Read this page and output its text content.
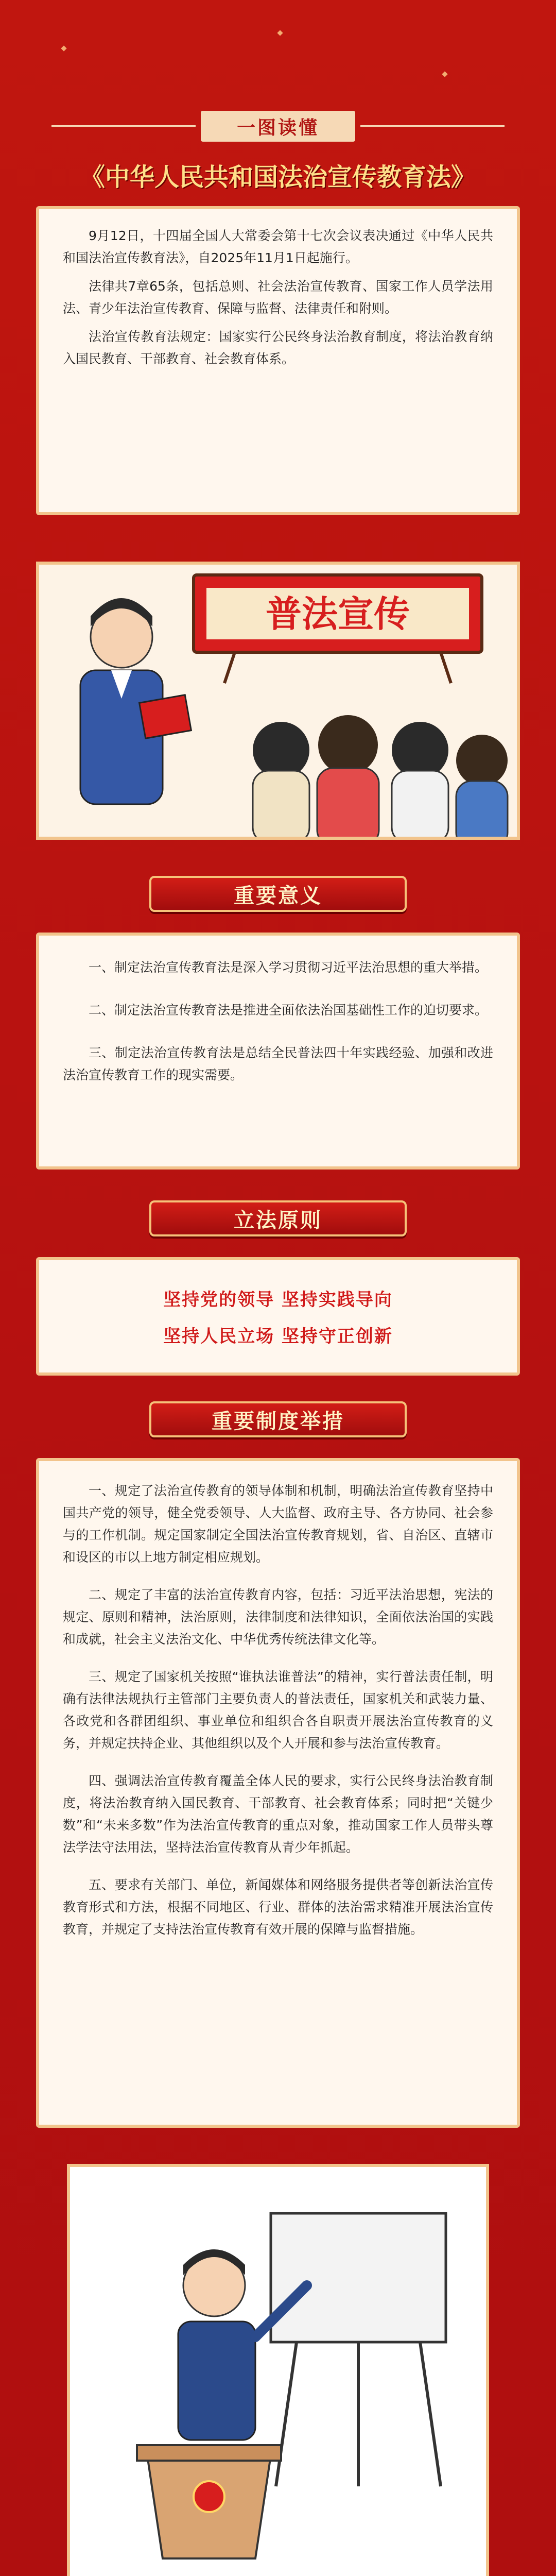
一图读懂
《中华人民共和国法治宣传教育法》

9月12日，十四届全国人大常委会第十七次会议表决通过《中华人民共和国法治宣传教育法》，自2025年11月1日起施行。

法律共7章65条，包括总则、社会法治宣传教育、国家工作人员学法用法、青少年法治宣传教育、保障与监督、法律责任和附则。

法治宣传教育法规定：国家实行公民终身法治教育制度，将法治教育纳入国民教育、干部教育、社会教育体系。

普法宣传
重要意义

一、制定法治宣传教育法是深入学习贯彻习近平法治思想的重大举措。

二、制定法治宣传教育法是推进全面依法治国基础性工作的迫切要求。

三、制定法治宣传教育法是总结全民普法四十年实践经验、加强和改进法治宣传教育工作的现实需要。

立法原则
坚持党的领导 坚持实践导向
坚持人民立场 坚持守正创新
重要制度举措

一、规定了法治宣传教育的领导体制和机制，明确法治宣传教育坚持中国共产党的领导，健全党委领导、人大监督、政府主导、各方协同、社会参与的工作机制。规定国家制定全国法治宣传教育规划，省、自治区、直辖市和设区的市以上地方制定相应规划。

二、规定了丰富的法治宣传教育内容，包括：习近平法治思想，宪法的规定、原则和精神，法治原则，法律制度和法律知识，全面依法治国的实践和成就，社会主义法治文化、中华优秀传统法律文化等。

三、规定了国家机关按照“谁执法谁普法”的精神，实行普法责任制，明确有法律法规执行主管部门主要负责人的普法责任，国家机关和武装力量、各政党和各群团组织、事业单位和组织合各自职责开展法治宣传教育的义务，并规定扶持企业、其他组织以及个人开展和参与法治宣传教育。

四、强调法治宣传教育覆盖全体人民的要求，实行公民终身法治教育制度，将法治教育纳入国民教育、干部教育、社会教育体系；同时把“关键少数”和“未来多数”作为法治宣传教育的重点对象，推动国家工作人员带头尊法学法守法用法，坚持法治宣传教育从青少年抓起。

五、要求有关部门、单位，新闻媒体和网络服务提供者等创新法治宣传教育形式和方法，根据不同地区、行业、群体的法治需求精准开展法治宣传教育，并规定了支持法治宣传教育有效开展的保障与监督措施。
